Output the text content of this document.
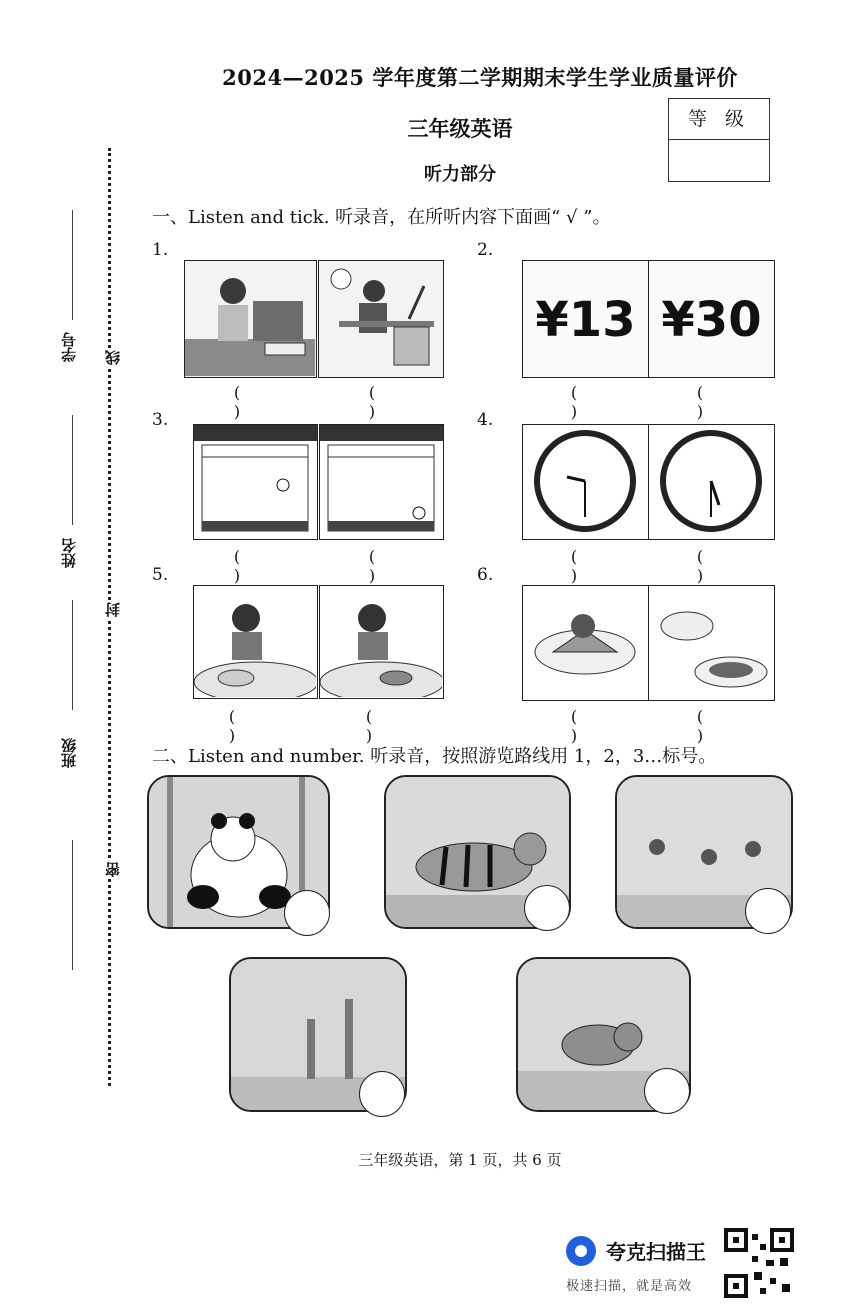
2024—2025 学年度第二学期期末学生学业质量评价
三年级英语
听力部分
等 级
学号
姓名
班级
线
封
密
一、Listen and tick. 听录音，在所听内容下面画“ √ ”。
1.
( )
( )
2.
¥13 ¥30
( )
( )
3.
( )
( )
4.
( )
( )
5.
( )
( )
6.
( )
( )
二、Listen and number. 听录音，按照游览路线用 1，2，3…标号。
三年级英语，第 1 页，共 6 页
夸克扫描王
极速扫描，就是高效
